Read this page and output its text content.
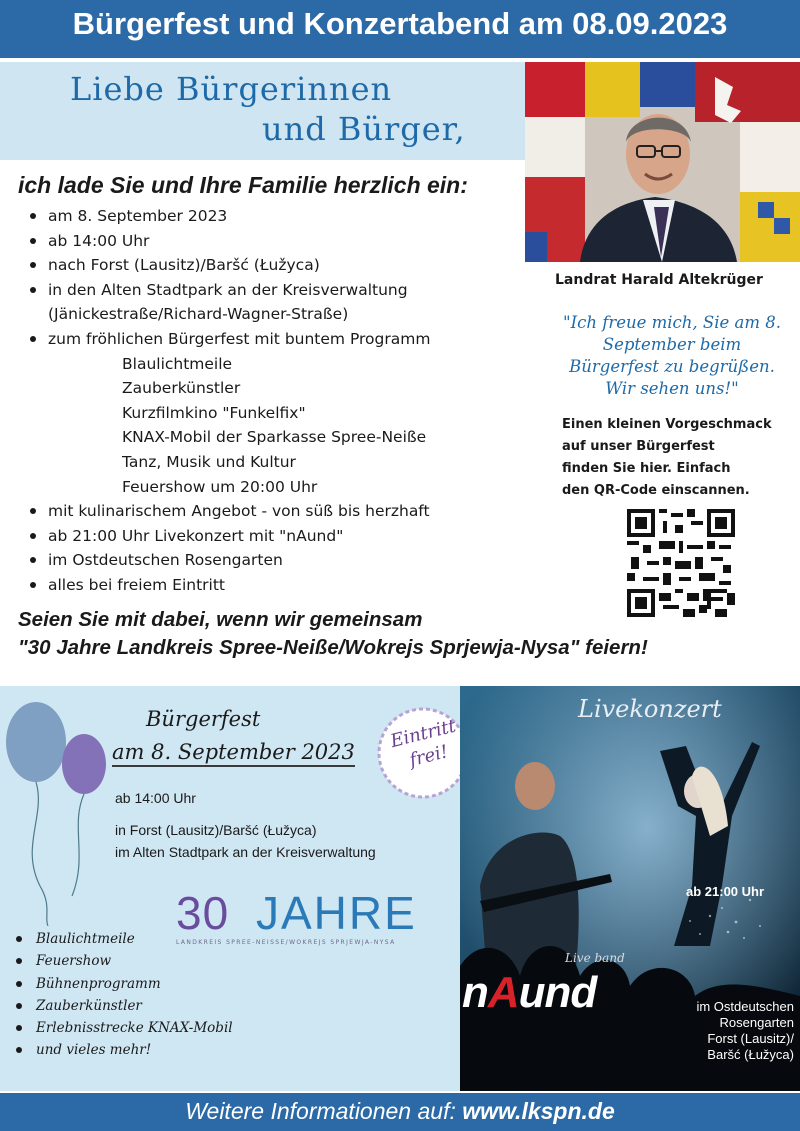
Bürgerfest und Konzertabend am 08.09.2023
Liebe Bürgerinnen
und Bürger,
Landrat Harald Altekrüger
"Ich freue mich, Sie am 8. September beim Bürgerfest zu begrüßen. Wir sehen uns!"
Einen kleinen Vorgeschmack
auf unser Bürgerfest
finden Sie hier. Einfach
den QR-Code einscannen.
ich lade Sie und Ihre Familie herzlich ein:
am 8. September 2023
ab 14:00 Uhr
nach Forst (Lausitz)/Baršć (Łužyca)
in den Alten Stadtpark an der Kreisverwaltung
(Jänickestraße/Richard-Wagner-Straße)
zum fröhlichen Bürgerfest mit buntem Programm
Blaulichtmeile
Zauberkünstler
Kurzfilmkino "Funkelfix"
KNAX-Mobil der Sparkasse Spree-Neiße
Tanz, Musik und Kultur
Feuershow um 20:00 Uhr
mit kulinarischem Angebot - von süß bis herzhaft
ab 21:00 Uhr Livekonzert mit "nAund"
im Ostdeutschen Rosengarten
alles bei freiem Eintritt
Seien Sie mit dabei, wenn wir gemeinsam
"30 Jahre Landkreis Spree-Neiße/Wokrejs Sprjewja-Nysa" feiern!
Bürgerfest
am 8. September 2023
ab 14:00 Uhr
in Forst (Lausitz)/Baršć (Łužyca)
im Alten Stadtpark an der Kreisverwaltung
Eintritt frei!
30 JAHRE
LANDKREIS SPREE-NEISSE/WOKREJS SPRJEWJA-NYSA
Blaulichtmeile
Feuershow
Bühnenprogramm
Zauberkünstler
Erlebnisstrecke KNAX-Mobil
und vieles mehr!
Livekonzert
ab 21:00 Uhr
Live band
nAund	im Ostdeutschen
Rosengarten
Forst (Lausitz)/
Baršć (Łužyca)
Weitere Informationen auf: www.lkspn.de
